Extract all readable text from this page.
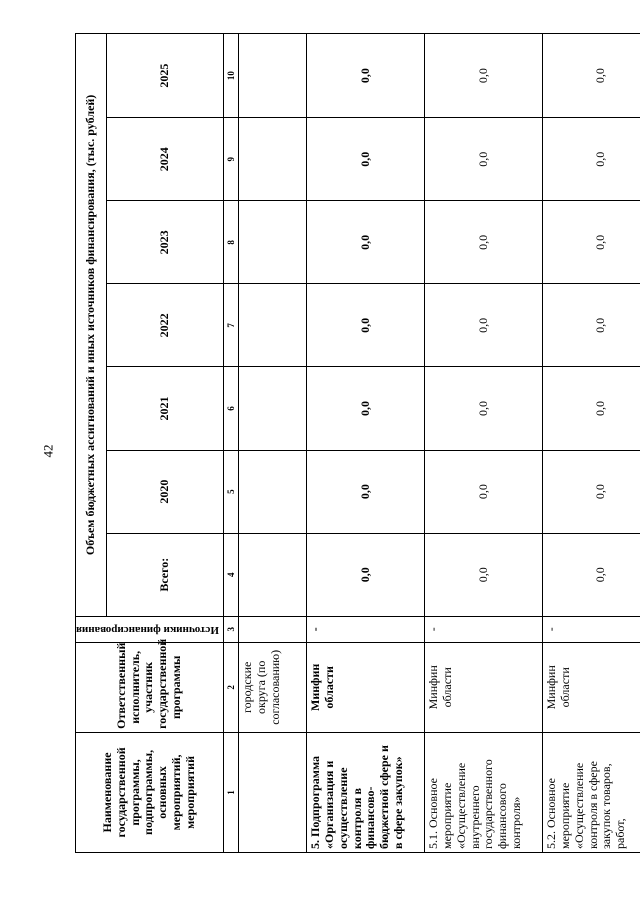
42
Наименование государственной программы, подпрограммы, основных мероприятий, мероприятий	Ответственный исполнитель, участник государственной программы	Источники финансирования	Объем бюджетных ассигнований и иных источников финансирования, (тыс. рублей)						
			Всего:	2020	2021	2022	2023	2024	2025
1	2	3	4	5	6	7	8	9	10
	городские округа (по согласованию)								
5. Подпрограмма «Организация и осуществление контроля в финансово-бюджетной сфере и в сфере закупок»	Минфин области	-	0,0	0,0	0,0	0,0	0,0	0,0	0,0
5.1. Основное мероприятие «Осуществление внутреннего государственного финансового контроля»	Минфин области	-	0,0	0,0	0,0	0,0	0,0	0,0	0,0
5.2. Основное мероприятие «Осуществление контроля в сфере закупок товаров, работ,	Минфин области	-	0,0	0,0	0,0	0,0	0,0	0,0	0,0
